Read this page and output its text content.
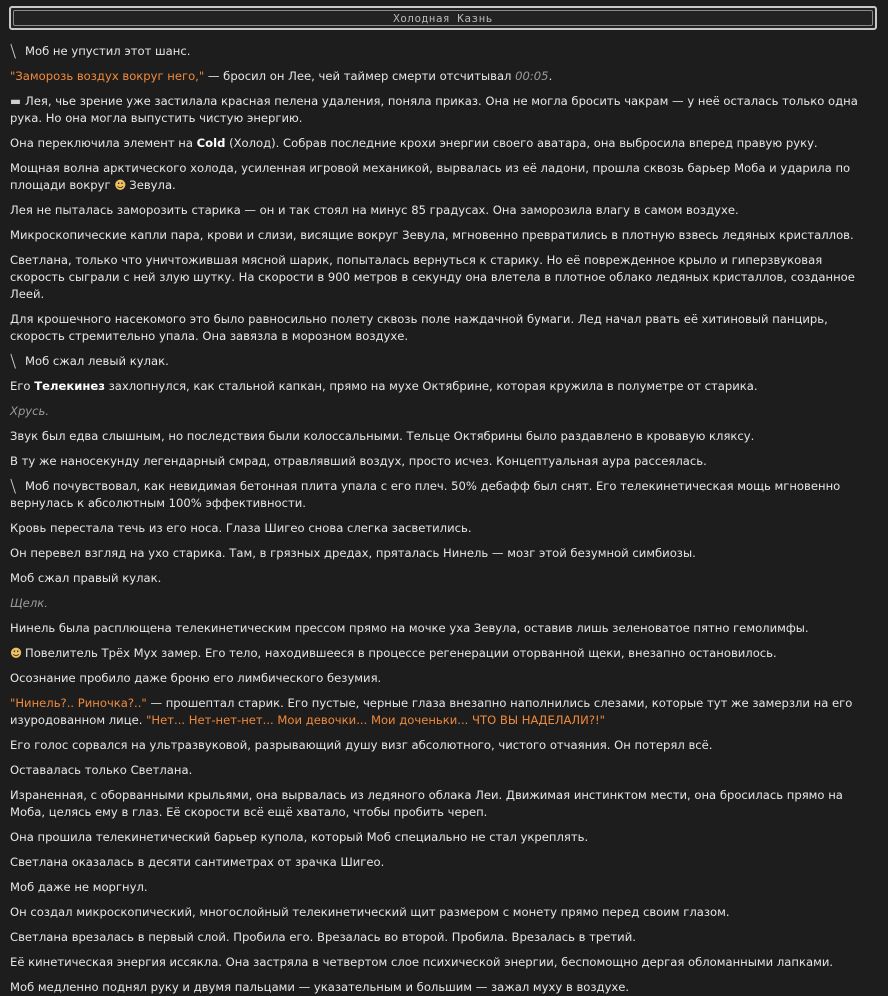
Холодная Казнь

╱ Моб не упустил этот шанс.

"Заморозь воздух вокруг него," — бросил он Лее, чей таймер смерти отсчитывал 00:05.

▬ Лея, чье зрение уже застилала красная пелена удаления, поняла приказ. Она не могла бросить чакрам — у неё осталась только одна рука. Но она могла выпустить чистую энергию.

Она переключила элемент на Cold (Холод). Собрав последние крохи энергии своего аватара, она выбросила вперед правую руку.

Мощная волна арктического холода, усиленная игровой механикой, вырвалась из её ладони, прошла сквозь барьер Моба и ударила по площади вокруг ☻ Зевула.

Лея не пыталась заморозить старика — он и так стоял на минус 85 градусах. Она заморозила влагу в самом воздухе.

Микроскопические капли пара, крови и слизи, висящие вокруг Зевула, мгновенно превратились в плотную взвесь ледяных кристаллов.

Светлана, только что уничтожившая мясной шарик, попыталась вернуться к старику. Но её поврежденное крыло и гиперзвуковая скорость сыграли с ней злую шутку. На скорости в 900 метров в секунду она влетела в плотное облако ледяных кристаллов, созданное Леей.

Для крошечного насекомого это было равносильно полету сквозь поле наждачной бумаги. Лед начал рвать её хитиновый панцирь, скорость стремительно упала. Она завязла в морозном воздухе.

╱ Моб сжал левый кулак.

Его Телекинез захлопнулся, как стальной капкан, прямо на мухе Октябрине, которая кружила в полуметре от старика.

Хрусь.

Звук был едва слышным, но последствия были колоссальными. Тельце Октябрины было раздавлено в кровавую кляксу.

В ту же наносекунду легендарный смрад, отравлявший воздух, просто исчез. Концептуальная аура рассеялась.

╱ Моб почувствовал, как невидимая бетонная плита упала с его плеч. 50% дебафф был снят. Его телекинетическая мощь мгновенно вернулась к абсолютным 100% эффективности.

Кровь перестала течь из его носа. Глаза Шигео снова слегка засветились.

Он перевел взгляд на ухо старика. Там, в грязных дредах, пряталась Нинель — мозг этой безумной симбиозы.

Моб сжал правый кулак.

Щелк.

Нинель была расплющена телекинетическим прессом прямо на мочке уха Зевула, оставив лишь зеленоватое пятно гемолимфы.

☻ Повелитель Трёх Мух замер. Его тело, находившееся в процессе регенерации оторванной щеки, внезапно остановилось.

Осознание пробило даже броню его лимбического безумия.

"Нинель?.. Риночка?.." — прошептал старик. Его пустые, черные глаза внезапно наполнились слезами, которые тут же замерзли на его изуродованном лице. "Нет... Нет-нет-нет... Мои девочки... Мои доченьки... ЧТО ВЫ НАДЕЛАЛИ?!"

Его голос сорвался на ультразвуковой, разрывающий душу визг абсолютного, чистого отчаяния. Он потерял всё.

Оставалась только Светлана.

Израненная, с оборванными крыльями, она вырвалась из ледяного облака Леи. Движимая инстинктом мести, она бросилась прямо на Моба, целясь ему в глаз. Её скорости всё ещё хватало, чтобы пробить череп.

Она прошила телекинетический барьер купола, который Моб специально не стал укреплять.

Светлана оказалась в десяти сантиметрах от зрачка Шигео.

Моб даже не моргнул.

Он создал микроскопический, многослойный телекинетический щит размером с монету прямо перед своим глазом.

Светлана врезалась в первый слой. Пробила его. Врезалась во второй. Пробила. Врезалась в третий.

Её кинетическая энергия иссякла. Она застряла в четвертом слое психической энергии, беспомощно дергая обломанными лапками.

Моб медленно поднял руку и двумя пальцами — указательным и большим — зажал муху в воздухе.
